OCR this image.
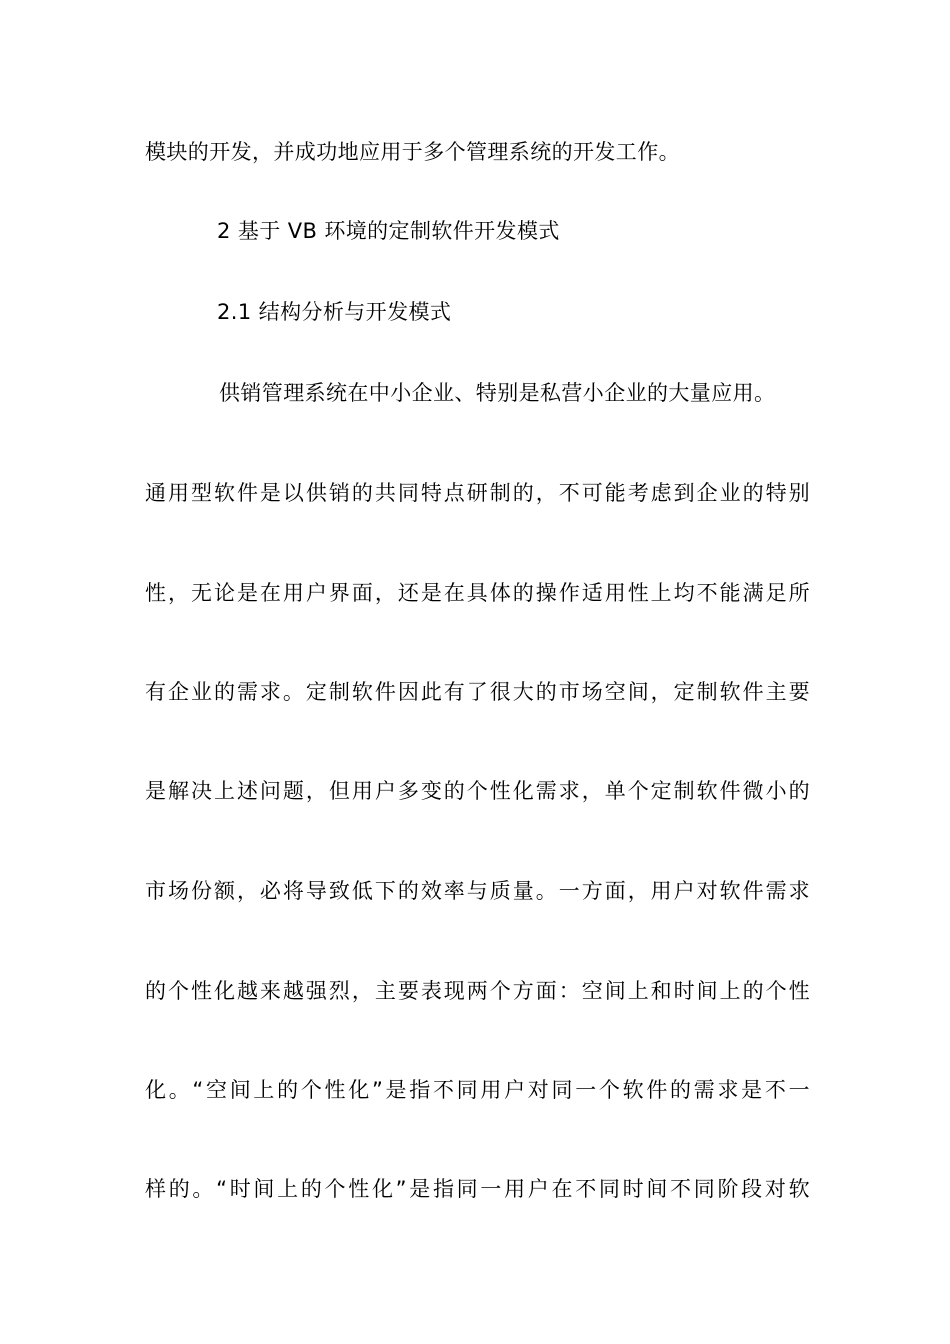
模块的开发，并成功地应用于多个管理系统的开发工作。
2 基于 VB 环境的定制软件开发模式
2.1 结构分析与开发模式
供销管理系统在中小企业、特别是私营小企业的大量应用。
通用型软件是以供销的共同特点研制的，不可能考虑到企业的特别
性，无论是在用户界面，还是在具体的操作适用性上均不能满足所
有企业的需求。定制软件因此有了很大的市场空间，定制软件主要
是解决上述问题，但用户多变的个性化需求，单个定制软件微小的
市场份额，必将导致低下的效率与质量。一方面，用户对软件需求
的个性化越来越强烈，主要表现两个方面：空间上和时间上的个性
化。“空间上的个性化”是指不同用户对同一个软件的需求是不一
样的。“时间上的个性化”是指同一用户在不同时间不同阶段对软
